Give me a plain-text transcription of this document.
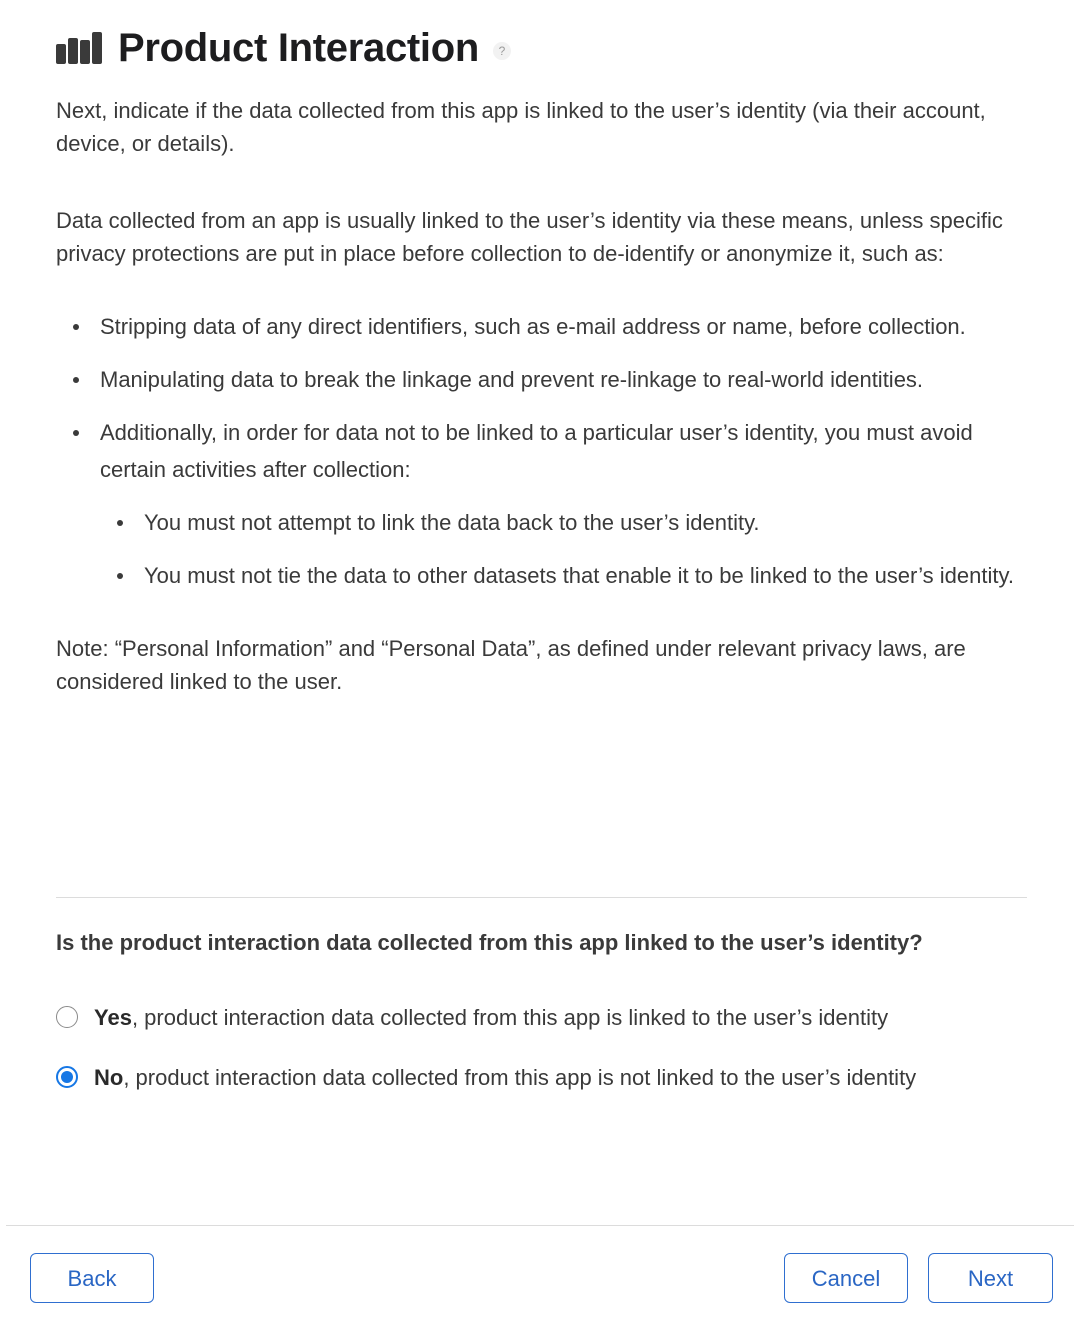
Product Interaction	?

Next, indicate if the data collected from this app is linked to the user’s identity (via their account, device, or details).

Data collected from an app is usually linked to the user’s identity via these means, unless specific privacy protections are put in place before collection to de-identify or anonymize it, such as:

Stripping data of any direct identifiers, such as e-mail address or name, before collection.
Manipulating data to break the linkage and prevent re-linkage to real-world identities.
Additionally, in order for data not to be linked to a particular user’s identity, you must avoid certain activities after collection:
You must not attempt to link the data back to the user’s identity.
You must not tie the data to other datasets that enable it to be linked to the user’s identity.

Note: “Personal Information” and “Personal Data”, as defined under relevant privacy laws, are considered linked to the user.

Is the product interaction data collected from this app linked to the user’s identity?
Yes, product interaction data collected from this app is linked to the user’s identity
No, product interaction data collected from this app is not linked to the user’s identity
Back	Cancel	Next
